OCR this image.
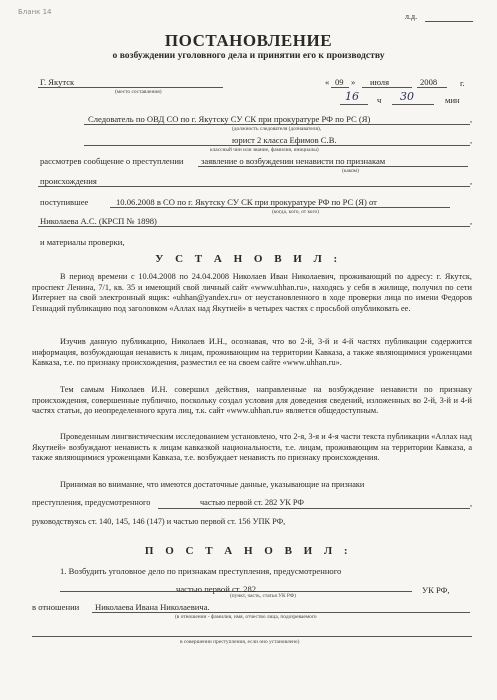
Бланк 14	л.д.
ПОСТАНОВЛЕНИЕ
о возбуждении уголовного дела и принятии его к производству
Г. Якутск
(место составления)
« 09 » июля	2008	г.
16 ч 30	мин
Следователь по ОВД СО по г. Якутску СУ СК при прокуратуре РФ по РС (Я)	,
(должность следователя (дознавателя),
юрист 2 класса Ефимов С.В.	,
классный чин или звание, фамилия, инициалы)
рассмотрев сообщение о преступлении заявление о возбуждении ненависти по признакам
(каком)
происхождения	,
поступившее	10.06.2008 в СО по г. Якутску СУ СК при прокуратуре РФ по РС (Я) от
(когда, кого, от кого)
Николаева А.С. (КРСП № 1898)	,
и материалы проверки,
У С Т А Н О В И Л :
В период времени с 10.04.2008 по 24.04.2008 Николаев Иван Николаевич, проживающий по адресу: г. Якутск, проспект Ленина, 7/1, кв. 35 и имеющий свой личный сайт «www.uhhan.ru», находясь у себя в жилище, получил по сети Интернет на свой электронный ящик: «uhhan@yandex.ru» от неустановленного в ходе проверки лица по имени Федоров Геннадий публикацию под заголовком «Аллах над Якутией» в четырех частях с просьбой опубликовать ее.
Изучив данную публикацию, Николаев И.Н., осознавая, что во 2-й, 3-й и 4-й частях публикации содержится информация, возбуждающая ненависть к лицам, проживающим на территории Кавказа, а также являющимися уроженцами Кавказа, т.е. по признаку происхождения, разместил ее на своем сайте «www.uhhan.ru».
Тем самым Николаев И.Н. совершил действия, направленные на возбуждение ненависти по признаку происхождения, совершенные публично, поскольку создал условия для доведения сведений, изложенных во 2-й, 3-й и 4-й частях статьи, до неопределенного круга лиц, т.к. сайт «www.uhhan.ru» является общедоступным.
Проведенным лингвистическим исследованием установлено, что 2-я, 3-я и 4-я части текста публикации «Аллах над Якутией» возбуждают ненависть к лицам кавказкой национальности, т.е. лицам, проживающим на территории Кавказа, а также являющимися уроженцами Кавказа, т.е. возбуждает ненависть по признаку происхождения.
Принимая во внимание, что имеются достаточные данные, указывающие на признаки
преступления, предусмотренного	частью первой ст. 282 УК РФ	,
руководствуясь ст. 140, 145, 146 (147) и частью первой ст. 156 УПК РФ,
П О С Т А Н О В И Л :
1. Возбудить уголовное дело по признакам преступления, предусмотренного
частью первой ст. 282	УК РФ,
(пункт, часть, статья УК РФ)
в отношении Николаева Ивана Николаевича.
(в отношении - фамилия, имя, отчество лица, подозреваемого
в совершении преступления, если оно установлено)
